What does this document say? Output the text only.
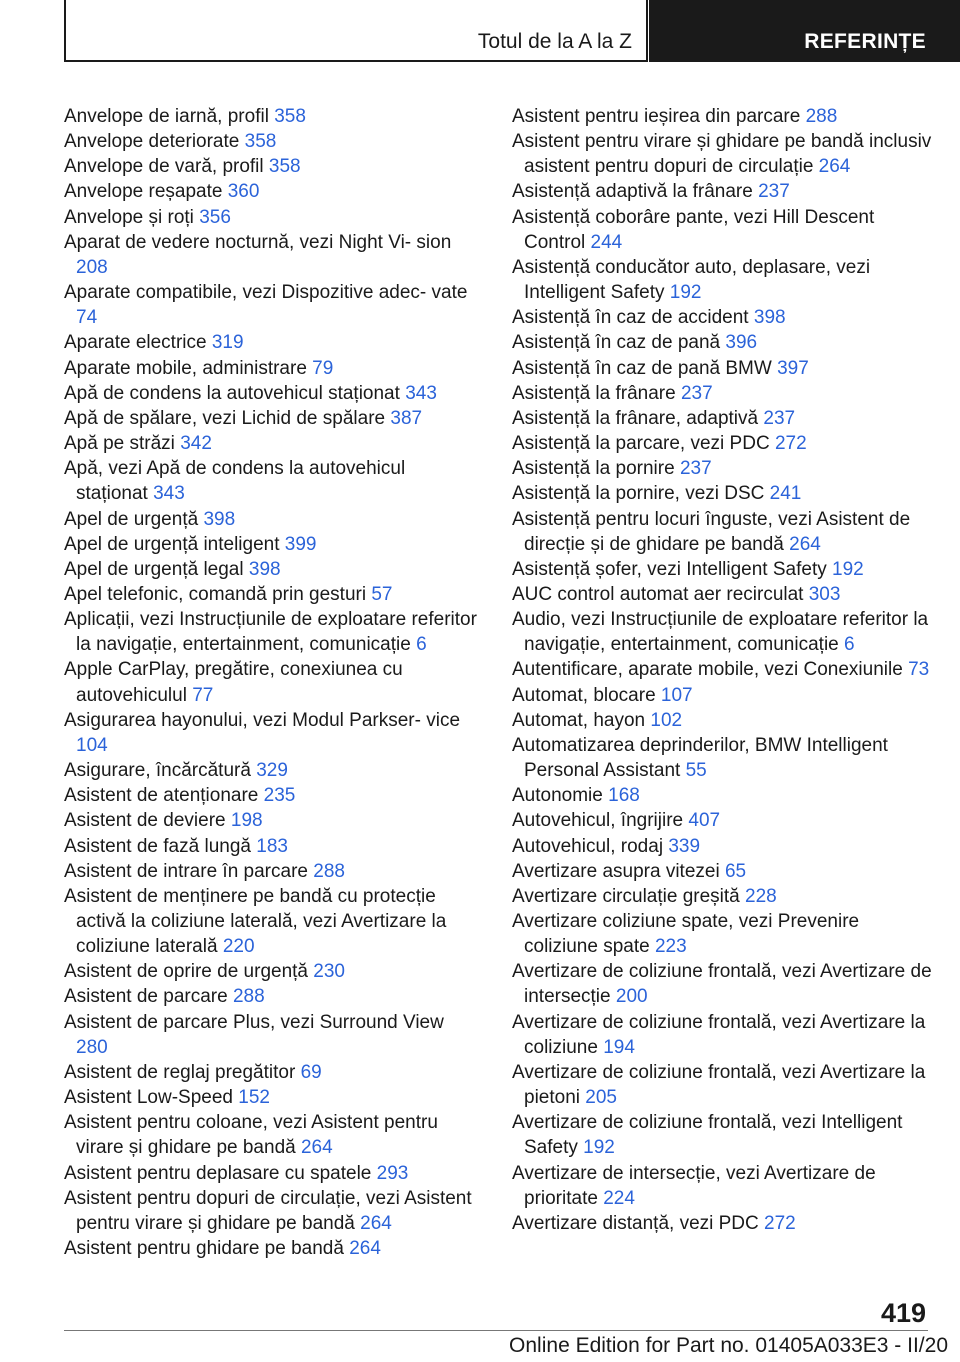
Totul de la A la Z	REFERINȚE
Anvelope de iarnă, profil 358
Anvelope deteriorate 358
Anvelope de vară, profil 358
Anvelope reșapate 360
Anvelope și roți 356
Aparat de vedere nocturnă, vezi Night Vi‐ sion 208
Aparate compatibile, vezi Dispozitive adec‐ vate 74
Aparate electrice 319
Aparate mobile, administrare 79
Apă de condens la autovehicul staționat 343
Apă de spălare, vezi Lichid de spălare 387
Apă pe străzi 342
Apă, vezi Apă de condens la autovehicul staționat 343
Apel de urgență 398
Apel de urgență inteligent 399
Apel de urgență legal 398
Apel telefonic, comandă prin gesturi 57
Aplicații, vezi Instrucțiunile de exploatare referitor la navigație, entertainment, comunicație 6
Apple CarPlay, pregătire, conexiunea cu autovehiculul 77
Asigurarea hayonului, vezi Modul Parkser‐ vice 104
Asigurare, încărcătură 329
Asistent de atenționare 235
Asistent de deviere 198
Asistent de fază lungă 183
Asistent de intrare în parcare 288
Asistent de menținere pe bandă cu protecție activă la coliziune laterală, vezi Avertizare la coliziune laterală 220
Asistent de oprire de urgență 230
Asistent de parcare 288
Asistent de parcare Plus, vezi Surround View 280
Asistent de reglaj pregătitor 69
Asistent Low-Speed 152
Asistent pentru coloane, vezi Asistent pentru virare și ghidare pe bandă 264
Asistent pentru deplasare cu spatele 293
Asistent pentru dopuri de circulație, vezi Asistent pentru virare și ghidare pe bandă 264
Asistent pentru ghidare pe bandă 264
Asistent pentru ieșirea din parcare 288
Asistent pentru virare și ghidare pe bandă inclusiv asistent pentru dopuri de circulație 264
Asistență adaptivă la frânare 237
Asistență coborâre pante, vezi Hill Descent Control 244
Asistență conducător auto, deplasare, vezi Intelligent Safety 192
Asistență în caz de accident 398
Asistență în caz de pană 396
Asistență în caz de pană BMW 397
Asistență la frânare 237
Asistență la frânare, adaptivă 237
Asistență la parcare, vezi PDC 272
Asistență la pornire 237
Asistență la pornire, vezi DSC 241
Asistență pentru locuri înguste, vezi Asistent de direcție și de ghidare pe bandă 264
Asistență șofer, vezi Intelligent Safety 192
AUC control automat aer recirculat 303
Audio, vezi Instrucțiunile de exploatare referitor la navigație, entertainment, comunicație 6
Autentificare, aparate mobile, vezi Conexiunile 73
Automat, blocare 107
Automat, hayon 102
Automatizarea deprinderilor, BMW Intelligent Personal Assistant 55
Autonomie 168
Autovehicul, îngrijire 407
Autovehicul, rodaj 339
Avertizare asupra vitezei 65
Avertizare circulație greșită 228
Avertizare coliziune spate, vezi Prevenire coliziune spate 223
Avertizare de coliziune frontală, vezi Avertizare de intersecție 200
Avertizare de coliziune frontală, vezi Avertizare la coliziune 194
Avertizare de coliziune frontală, vezi Avertizare la pietoni 205
Avertizare de coliziune frontală, vezi Intelligent Safety 192
Avertizare de intersecție, vezi Avertizare de prioritate 224
Avertizare distanță, vezi PDC 272
419
Online Edition for Part no. 01405A033E3 - II/20
